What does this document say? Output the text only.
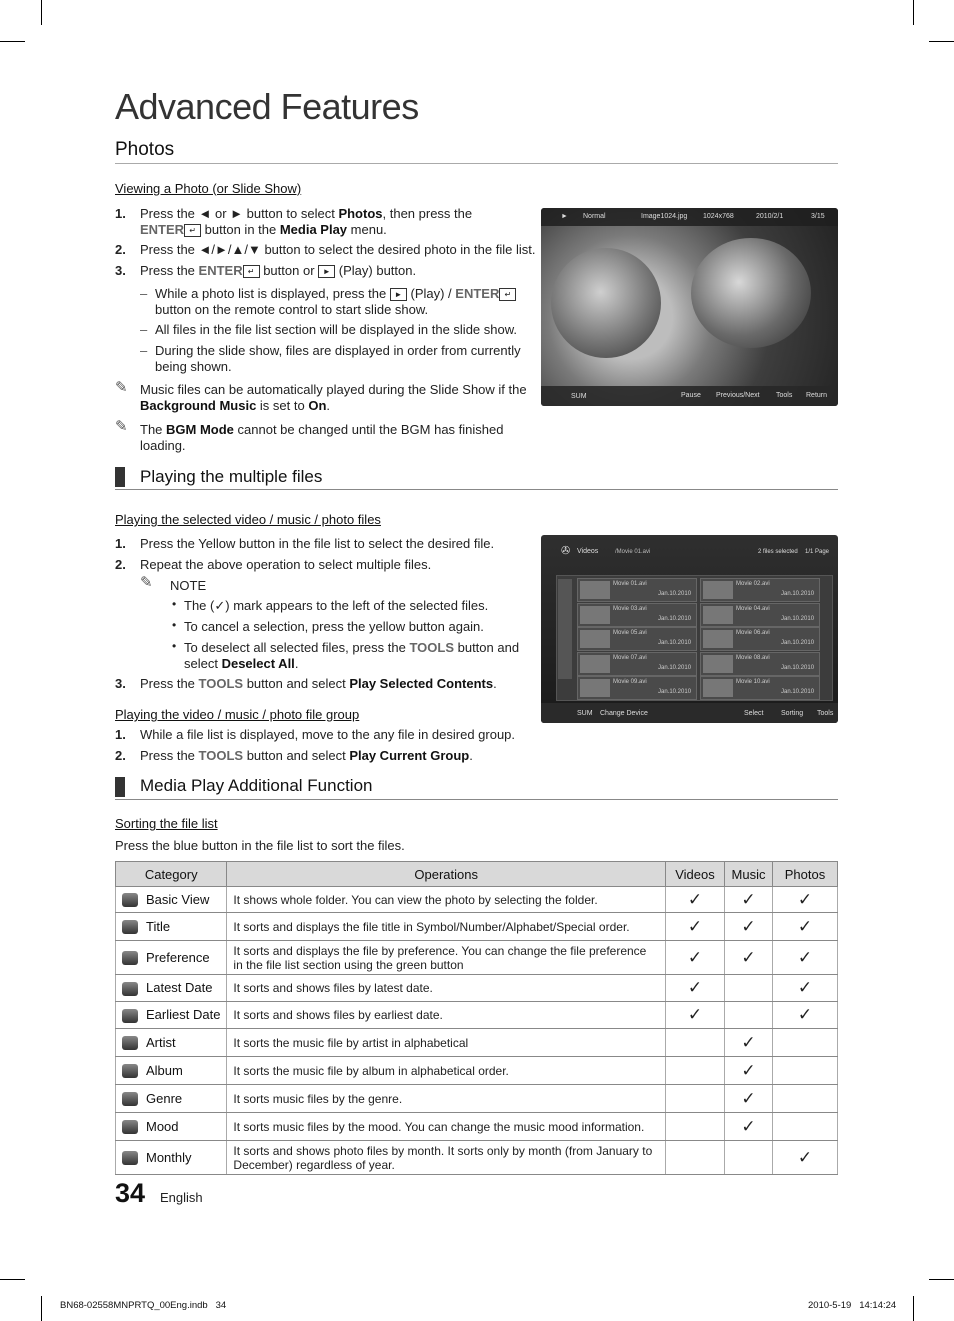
Advanced Features
Photos
Viewing a Photo (or Slide Show)
1. Press the ◄ or ► button to select Photos, then press the
ENTER ↵ button in the Media Play menu.
2. Press the ◄/►/▲/▼ button to select the desired photo in the file list.
3. Press the ENTER ↵ button or ► (Play) button.
– While a photo list is displayed, press the ► (Play) / ENTER ↵
button on the remote control to start slide show.
– All files in the file list section will be displayed in the slide show.
– During the slide show, files are displayed in order from currently
being shown.
✎ Music files can be automatically played during the Slide Show if the
Background Music is set to On.
✎ The BGM Mode cannot be changed until the BGM has finished
loading.
► Normal	Image1024.jpg 1024x768	2010/2/1	3/15
SUM	Pause Previous/Next Tools Return
Playing the multiple files
Playing the selected video / music / photo files
1. Press the Yellow button in the file list to select the desired file.
2. Repeat the above operation to select multiple files.
✎ NOTE
• The (✓) mark appears to the left of the selected files.
• To cancel a selection, press the yellow button again.
• To deselect all selected files, press the TOOLS button and
select Deselect All.
3. Press the TOOLS button and select Play Selected Contents.
Playing the video / music / photo file group
1. While a file list is displayed, move to the any file in desired group.
2. Press the TOOLS button and select Play Current Group.
✇ Videos	/Movie 01.avi	2 files selected 1/1 Page
Movie 01.avi
Jan.10.2010
Movie 02.avi
Jan.10.2010
Movie 03.avi
Jan.10.2010
Movie 04.avi
Jan.10.2010
Movie 05.avi
Jan.10.2010
Movie 06.avi
Jan.10.2010
Movie 07.avi
Jan.10.2010
Movie 08.avi
Jan.10.2010
Movie 09.avi
Jan.10.2010
Movie 10.avi
Jan.10.2010
SUM Change Device	Select	Sorting Tools
Media Play Additional Function
Sorting the file list
Press the blue button in the file list to sort the files.
Category	Operations	Videos	Music	Photos
Basic View	It shows whole folder. You can view the photo by selecting the folder.	✓	✓	✓
Title	It sorts and displays the file title in Symbol/Number/Alphabet/Special order.	✓	✓	✓
Preference	It sorts and displays the file by preference. You can change the file preference in the file list section using the green button	✓	✓	✓
Latest Date	It sorts and shows files by latest date.	✓		✓
Earliest Date	It sorts and shows files by earliest date.	✓		✓
Artist	It sorts the music file by artist in alphabetical		✓	
Album	It sorts the music file by album in alphabetical order.		✓	
Genre	It sorts music files by the genre.		✓	
Mood	It sorts music files by the mood. You can change the music mood information.		✓	
Monthly	It sorts and shows photo files by month. It sorts only by month (from January to December) regardless of year.			✓
34 English
BN68-02558MNPRTQ_00Eng.indb   34	2010-5-19   14:14:24
